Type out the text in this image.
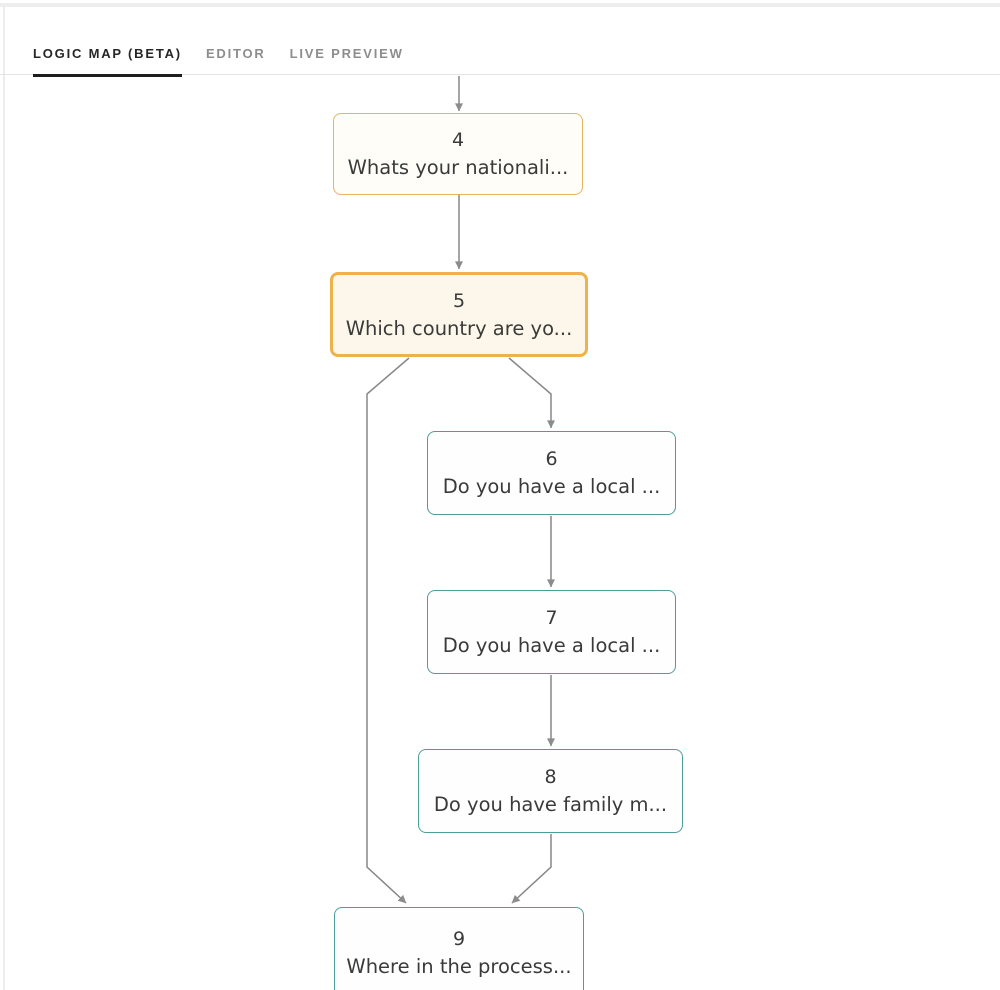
LOGIC MAP (BETA) EDITOR LIVE PREVIEW
4
Whats your nationali...
5
Which country are yo...
6
Do you have a local ...
7
Do you have a local ...
8
Do you have family m...
9
Where in the process...
